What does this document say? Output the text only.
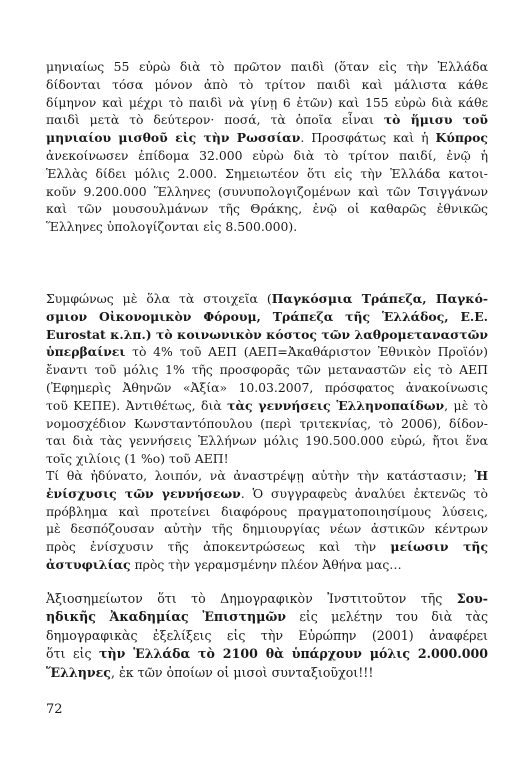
μηνιαίως 55 εὐρὼ διὰ τὸ πρῶτον παιδὶ (ὅταν εἰς τὴν Ἑλλάδα
δίδονται τόσα μόνον ἀπὸ τὸ τρίτον παιδὶ καὶ μάλιστα κάθε
δίμηνον καὶ μέχρι τὸ παιδὶ νὰ γίνῃ 6 ἐτῶν) καὶ 155 εὐρὼ διὰ κάθε
παιδὶ μετὰ τὸ δεύτερον· ποσά, τὰ ὁποῖα εἶναι τὸ ἥμισυ τοῦ
μηνιαίου μισθοῦ εἰς τὴν Ρωσσίαν. Προσφάτως καὶ ἡ Κύπρος
ἀνεκοίνωσεν ἐπίδομα 32.000 εὐρὼ διὰ τὸ τρίτον παιδί, ἐνῷ ἡ
Ἑλλὰς δίδει μόλις 2.000. Σημειωτέον ὅτι εἰς τὴν Ἑλλάδα κατοι-
κοῦν 9.200.000 Ἕλληνες (συνυπολογιζομένων καὶ τῶν Τσιγγάνων
καὶ τῶν μουσουλμάνων τῆς Θράκης, ἐνῷ οἱ καθαρῶς ἐθνικῶς
Ἕλληνες ὑπολογίζονται εἰς 8.500.000).

Συμφώνως μὲ ὅλα τὰ στοιχεῖα (Παγκόσμια Τράπεζα, Παγκό-
σμιον Οἰκονομικὸν Φόρουμ, Τράπεζα τῆς Ἑλλάδος, Ε.Ε.
Eurostat κ.λπ.) τὸ κοινωνικὸν κόστος τῶν λαθρομεταναστῶν
ὑπερβαίνει τὸ 4% τοῦ ΑΕΠ (ΑΕΠ=Ἀκαθάριστον Ἐθνικὸν Προϊόν)
ἔναντι τοῦ μόλις 1% τῆς προσφορᾶς τῶν μεταναστῶν εἰς τὸ ΑΕΠ
(Ἐφημερὶς Ἀθηνῶν «Ἀξία» 10.03.2007, πρόσφατος ἀνακοίνωσις
τοῦ ΚΕΠΕ). Ἀντιθέτως, διὰ τὰς γεννήσεις Ἑλληνοπαίδων, μὲ τὸ
νομοσχέδιον Κωνσταντόπουλου (περὶ τριτεκνίας, τὸ 2006), δίδον-
ται διὰ τὰς γεννήσεις Ἑλλήνων μόλις 190.500.000 εὐρώ, ἤτοι ἕνα
τοῖς χιλίοις (1 %o) τοῦ ΑΕΠ!

Τί θὰ ἠδύνατο, λοιπόν, νὰ ἀναστρέψῃ αὐτὴν τὴν κατάστασιν; Ἡ
ἐνίσχυσις τῶν γεννήσεων. Ὁ συγγραφεὺς ἀναλύει ἐκτενῶς τὸ
πρόβλημα καὶ προτείνει διαφόρους πραγματοποιησίμους λύσεις,
μὲ δεσπόζουσαν αὐτὴν τῆς δημιουργίας νέων ἀστικῶν κέντρων
πρὸς ἐνίσχυσιν τῆς ἀποκεντρώσεως καὶ τὴν μείωσιν τῆς
ἀστυφιλίας πρὸς τὴν γεραμσμένην πλέον Ἀθήνα μας…

Ἀξιοσημείωτον ὅτι τὸ Δημογραφικὸν Ἰνστιτοῦτον τῆς Σου-
ηδικῆς Ἀκαδημίας Ἐπιστημῶν εἰς μελέτην του διὰ τὰς
δημογραφικὰς ἐξελίξεις εἰς τὴν Εὐρώπην (2001) ἀναφέρει
ὅτι εἰς τὴν Ἑλλάδα τὸ 2100 θὰ ὑπάρχουν μόλις 2.000.000
Ἕλληνες, ἐκ τῶν ὁποίων οἱ μισοὶ συνταξιοῦχοι!!!

72
